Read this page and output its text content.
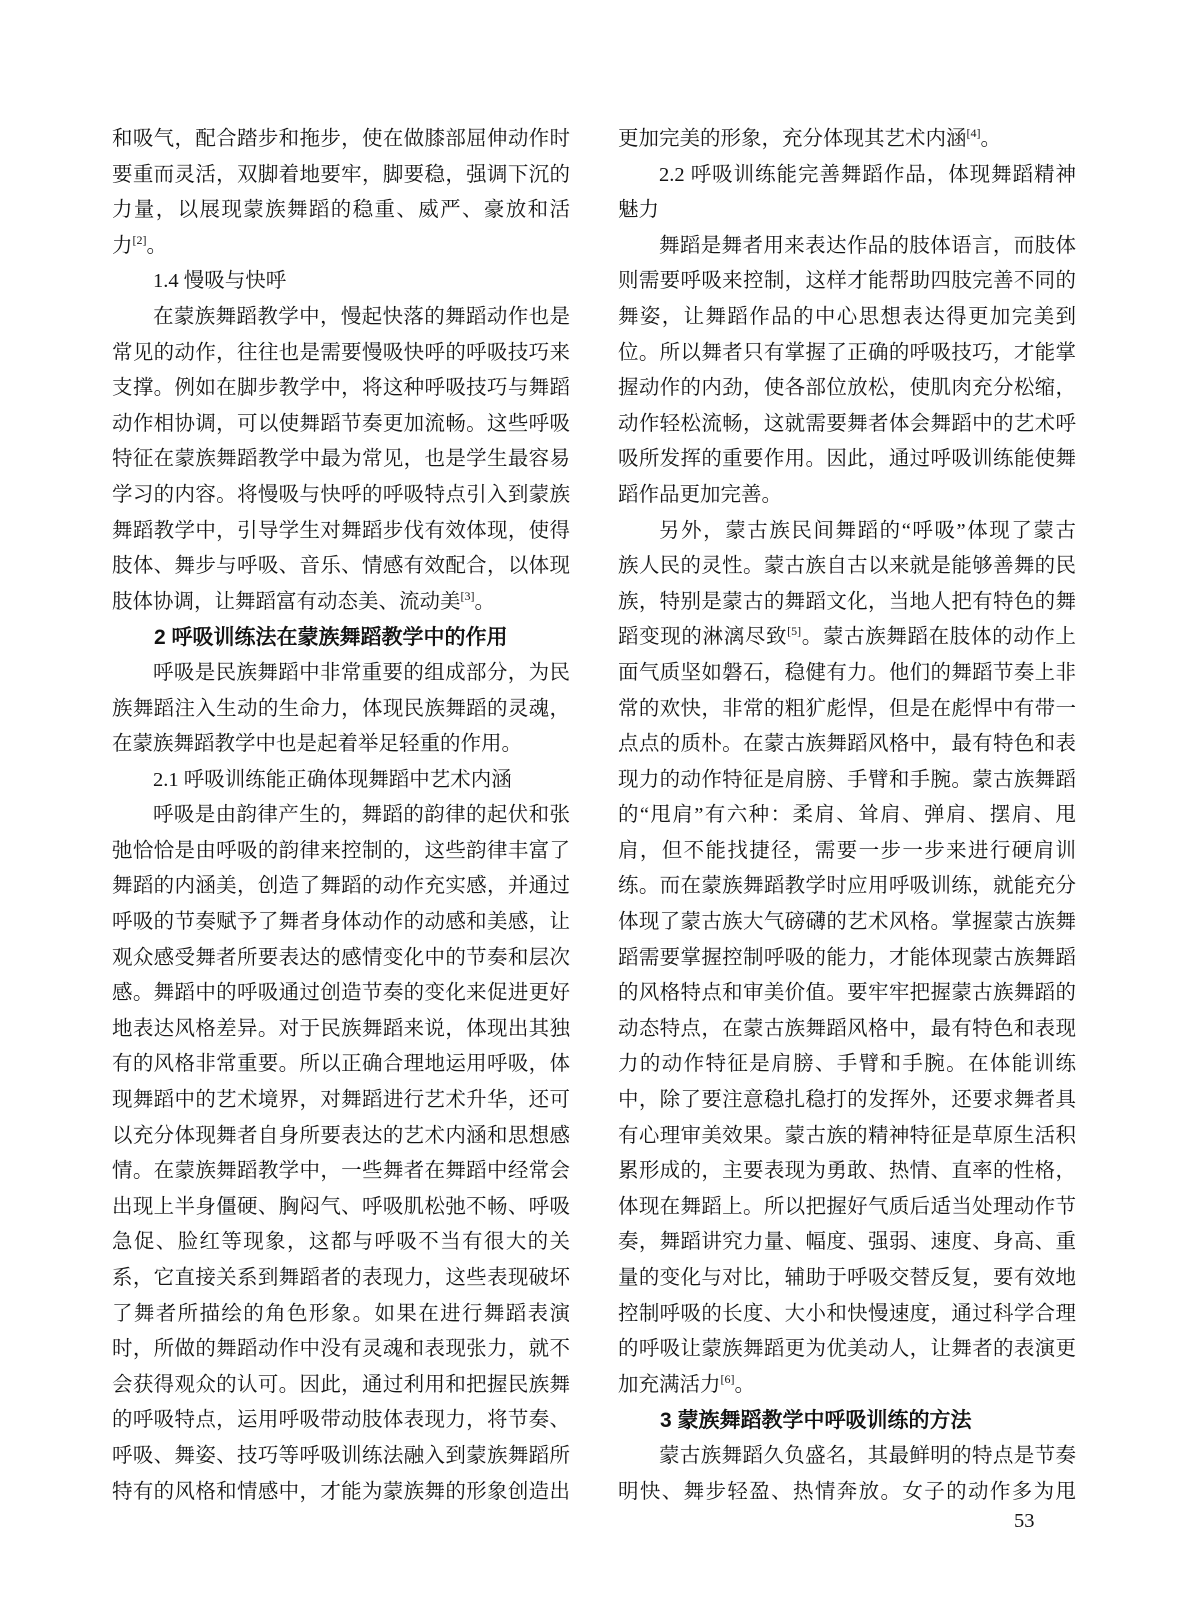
和吸气，配合踏步和拖步，使在做膝部屈伸动作时
要重而灵活，双脚着地要牢，脚要稳，强调下沉的
力量，以展现蒙族舞蹈的稳重、威严、豪放和活
力[2]。
1.4 慢吸与快呼
在蒙族舞蹈教学中，慢起快落的舞蹈动作也是
常见的动作，往往也是需要慢吸快呼的呼吸技巧来
支撑。例如在脚步教学中，将这种呼吸技巧与舞蹈
动作相协调，可以使舞蹈节奏更加流畅。这些呼吸
特征在蒙族舞蹈教学中最为常见，也是学生最容易
学习的内容。将慢吸与快呼的呼吸特点引入到蒙族
舞蹈教学中，引导学生对舞蹈步伐有效体现，使得
肢体、舞步与呼吸、音乐、情感有效配合，以体现
肢体协调，让舞蹈富有动态美、流动美[3]。
2 呼吸训练法在蒙族舞蹈教学中的作用
呼吸是民族舞蹈中非常重要的组成部分，为民
族舞蹈注入生动的生命力，体现民族舞蹈的灵魂，
在蒙族舞蹈教学中也是起着举足轻重的作用。
2.1 呼吸训练能正确体现舞蹈中艺术内涵
呼吸是由韵律产生的，舞蹈的韵律的起伏和张
弛恰恰是由呼吸的韵律来控制的，这些韵律丰富了
舞蹈的内涵美，创造了舞蹈的动作充实感，并通过
呼吸的节奏赋予了舞者身体动作的动感和美感，让
观众感受舞者所要表达的感情变化中的节奏和层次
感。舞蹈中的呼吸通过创造节奏的变化来促进更好
地表达风格差异。对于民族舞蹈来说，体现出其独
有的风格非常重要。所以正确合理地运用呼吸，体
现舞蹈中的艺术境界，对舞蹈进行艺术升华，还可
以充分体现舞者自身所要表达的艺术内涵和思想感
情。在蒙族舞蹈教学中，一些舞者在舞蹈中经常会
出现上半身僵硬、胸闷气、呼吸肌松弛不畅、呼吸
急促、脸红等现象，这都与呼吸不当有很大的关
系，它直接关系到舞蹈者的表现力，这些表现破坏
了舞者所描绘的角色形象。如果在进行舞蹈表演
时，所做的舞蹈动作中没有灵魂和表现张力，就不
会获得观众的认可。因此，通过利用和把握民族舞
的呼吸特点，运用呼吸带动肢体表现力，将节奏、
呼吸、舞姿、技巧等呼吸训练法融入到蒙族舞蹈所
特有的风格和情感中，才能为蒙族舞的形象创造出
更加完美的形象，充分体现其艺术内涵[4]。
2.2 呼吸训练能完善舞蹈作品，体现舞蹈精神
魅力
舞蹈是舞者用来表达作品的肢体语言，而肢体
则需要呼吸来控制，这样才能帮助四肢完善不同的
舞姿，让舞蹈作品的中心思想表达得更加完美到
位。所以舞者只有掌握了正确的呼吸技巧，才能掌
握动作的内劲，使各部位放松，使肌肉充分松缩，
动作轻松流畅，这就需要舞者体会舞蹈中的艺术呼
吸所发挥的重要作用。因此，通过呼吸训练能使舞
蹈作品更加完善。
另外，蒙古族民间舞蹈的“呼吸”体现了蒙古
族人民的灵性。蒙古族自古以来就是能够善舞的民
族，特别是蒙古的舞蹈文化，当地人把有特色的舞
蹈变现的淋漓尽致[5]。蒙古族舞蹈在肢体的动作上
面气质坚如磐石，稳健有力。他们的舞蹈节奏上非
常的欢快，非常的粗犷彪悍，但是在彪悍中有带一
点点的质朴。在蒙古族舞蹈风格中，最有特色和表
现力的动作特征是肩膀、手臂和手腕。蒙古族舞蹈
的“甩肩”有六种：柔肩、耸肩、弹肩、摆肩、甩
肩，但不能找捷径，需要一步一步来进行硬肩训
练。而在蒙族舞蹈教学时应用呼吸训练，就能充分
体现了蒙古族大气磅礴的艺术风格。掌握蒙古族舞
蹈需要掌握控制呼吸的能力，才能体现蒙古族舞蹈
的风格特点和审美价值。要牢牢把握蒙古族舞蹈的
动态特点，在蒙古族舞蹈风格中，最有特色和表现
力的动作特征是肩膀、手臂和手腕。在体能训练
中，除了要注意稳扎稳打的发挥外，还要求舞者具
有心理审美效果。蒙古族的精神特征是草原生活积
累形成的，主要表现为勇敢、热情、直率的性格，
体现在舞蹈上。所以把握好气质后适当处理动作节
奏，舞蹈讲究力量、幅度、强弱、速度、身高、重
量的变化与对比，辅助于呼吸交替反复，要有效地
控制呼吸的长度、大小和快慢速度，通过科学合理
的呼吸让蒙族舞蹈更为优美动人，让舞者的表演更
加充满活力[6]。
3 蒙族舞蹈教学中呼吸训练的方法
蒙古族舞蹈久负盛名，其最鲜明的特点是节奏
明快、舞步轻盈、热情奔放。女子的动作多为甩
53
